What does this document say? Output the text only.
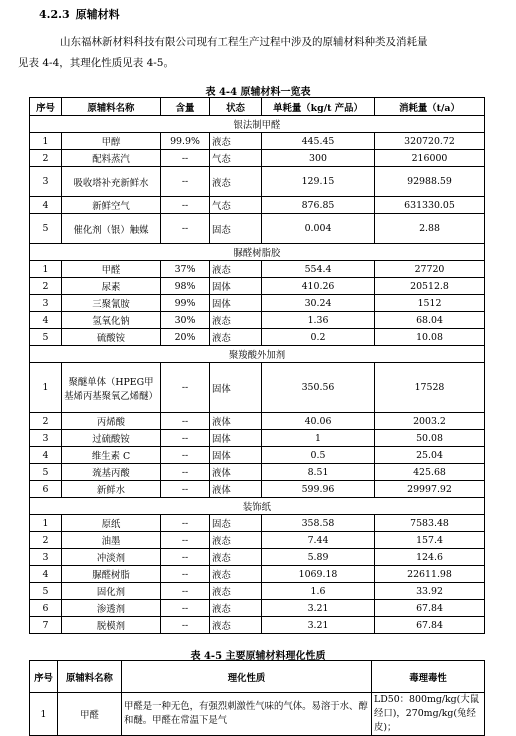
4.2.3 原辅材料
山东福林新材料科技有限公司现有工程生产过程中涉及的原辅材料种类及消耗量
见表 4-4，其理化性质见表 4-5。
表 4-4 原辅材料一览表
序号	原辅料名称	含量	状态	单耗量（kg/t 产品）	消耗量（t/a）
银法制甲醛					
1	甲醇	99.9%	液态	445.45	320720.72
2	配料蒸汽	--	气态	300	216000
3	吸收塔补充新鲜水	--	液态	129.15	92988.59
4	新鲜空气	--	气态	876.85	631330.05
5	催化剂（银）触媒	--	固态	0.004	2.88
脲醛树脂胶					
1	甲醛	37%	液态	554.4	27720
2	尿素	98%	固体	410.26	20512.8
3	三聚氰胺	99%	固体	30.24	1512
4	氢氧化钠	30%	液态	1.36	68.04
5	硫酸铵	20%	液态	0.2	10.08
聚羧酸外加剂					
1	聚醚单体（HPEG甲基烯丙基聚氧乙烯醚）	--	固体	350.56	17528
2	丙烯酸	--	液体	40.06	2003.2
3	过硫酸铵	--	固体	1	50.08
4	维生素 C	--	固体	0.5	25.04
5	巯基丙酸	--	液体	8.51	425.68
6	新鲜水	--	液体	599.96	29997.92
装饰纸					
1	原纸	--	固态	358.58	7583.48
2	油墨	--	液态	7.44	157.4
3	冲淡剂	--	液态	5.89	124.6
4	脲醛树脂	--	液态	1069.18	22611.98
5	固化剂	--	液态	1.6	33.92
6	渗透剂	--	液态	3.21	67.84
7	脱模剂	--	液态	3.21	67.84
表 4-5 主要原辅材料理化性质
序号	原辅料名称	理化性质	毒理毒性
1	甲醛	甲醛是一种无色，有强烈刺激性气味的气体。易溶于水、醇和醚。甲醛在常温下是气	LD50：800mg/kg(大鼠经口)，270mg/kg(兔经皮)；
